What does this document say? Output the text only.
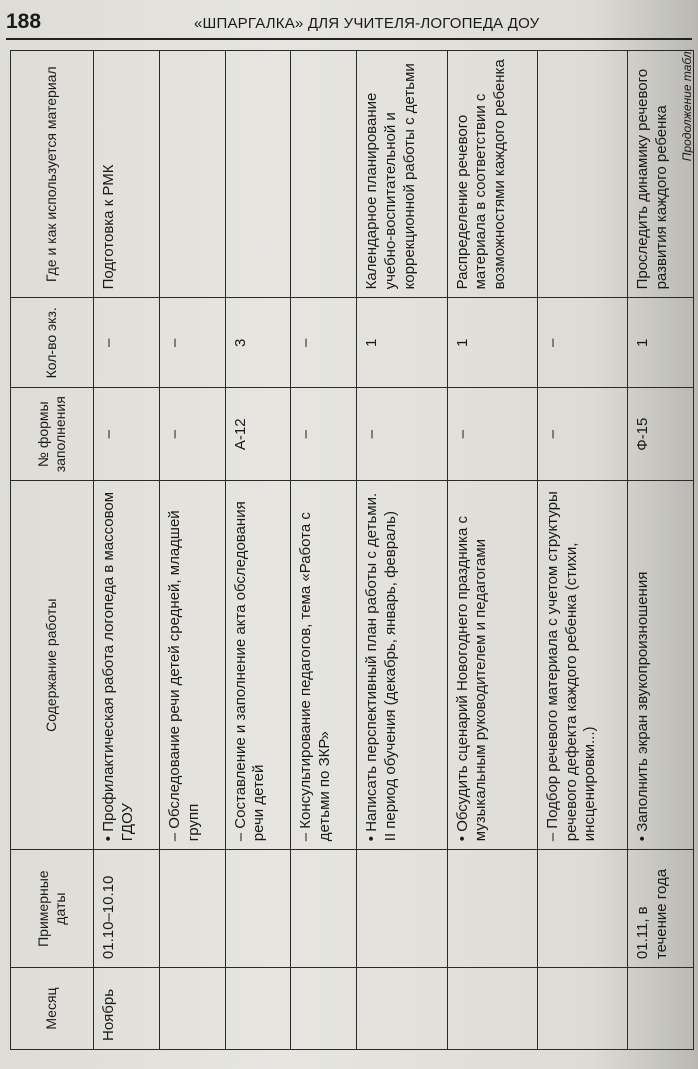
188	«ШПАРГАЛКА» ДЛЯ УЧИТЕЛЯ-ЛОГОПЕДА ДОУ
Месяц	Примерные даты	Содержание работы	№ формы заполнения	Кол-во экз.	Где и как используется материал
Ноябрь	01.10–10.10	• Профилактическая работа логопеда в массовом ГДОУ	–	–	Подготовка к РМК
		– Обследование речи детей средней, младшей групп	–	–	
		– Составление и заполнение акта обследования речи детей	А-12	3	
		– Консультирование педагогов, тема «Работа с детьми по ЗКР»	–	–	
		• Написать перспективный план работы с детьми. II период обучения (декабрь, январь, февраль)	–	1	Календарное планирование учебно-воспитательной и коррекционной работы с детьми
		• Обсудить сценарий Новогоднего праздника с музыкальным руководителем и педагогами	–	1	Распределение речевого материала в соответствии с возможностями каждого ребенка
		– Подбор речевого материала с учетом структуры речевого дефекта каждого ребенка (стихи, инсценировки...)	–	–	
	01.11, в течение года	• Заполнить экран звукопроизношения	Ф-15	1	Проследить динамику речевого развития каждого ребенка
Продолжение табл.
